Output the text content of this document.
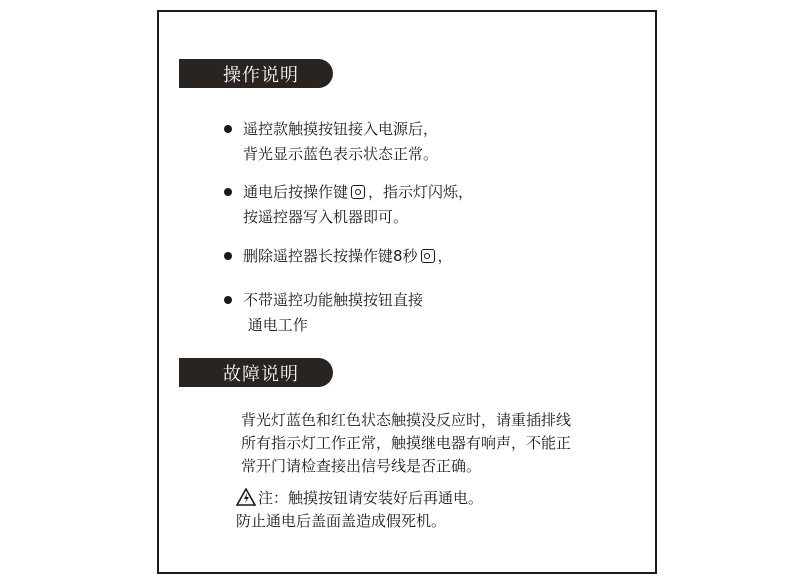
操作说明
遥控款触摸按钮接入电源后，
背光显示蓝色表示状态正常。
通电后按操作键 ，指示灯闪烁，
按遥控器写入机器即可。
删除遥控器长按操作键8秒 ，
不带遥控功能触摸按钮直接
通电工作
故障说明
背光灯蓝色和红色状态触摸没反应时，请重插排线
所有指示灯工作正常，触摸继电器有响声，不能正
常开门请检查接出信号线是否正确。
注：触摸按钮请安装好后再通电。
防止通电后盖面盖造成假死机。
